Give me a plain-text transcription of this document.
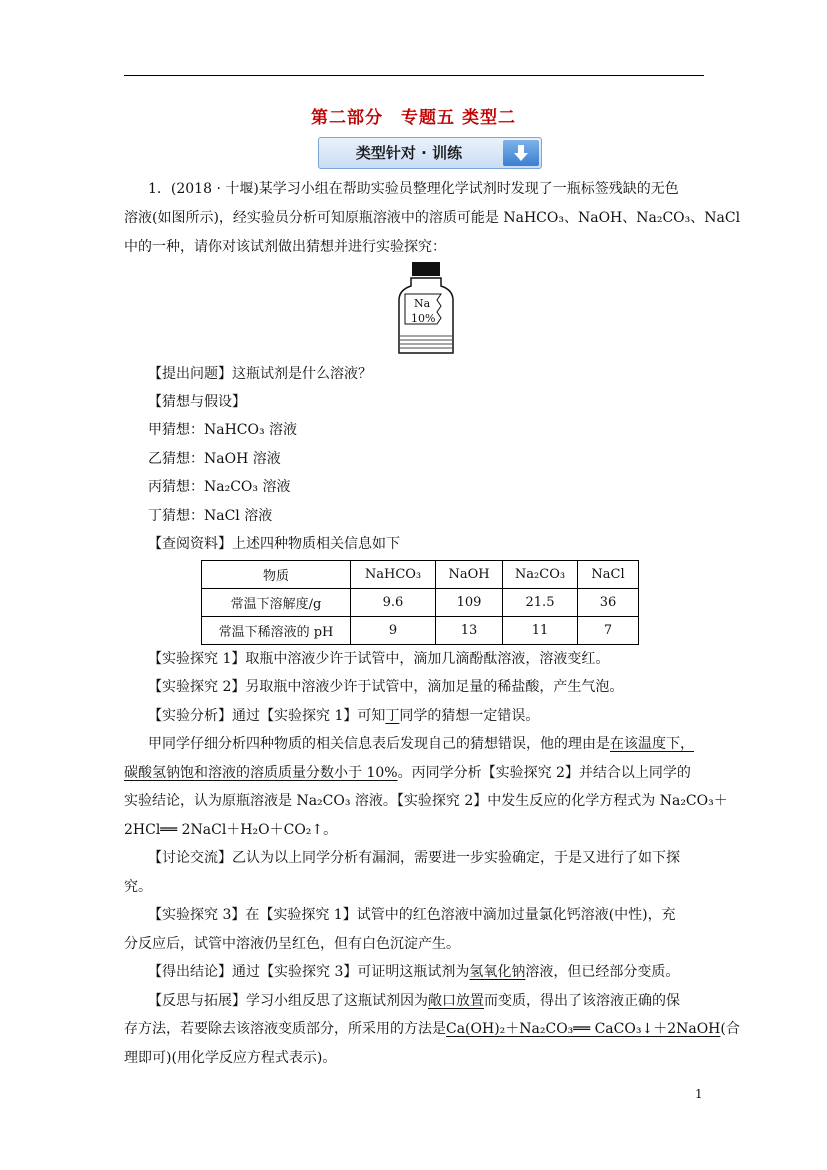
第二部分　专题五 类型二
类型针对 · 训练
1．(2018 · 十堰)某学习小组在帮助实验员整理化学试剂时发现了一瓶标签残缺的无色
溶液(如图所示)，经实验员分析可知原瓶溶液中的溶质可能是 NaHCO₃、NaOH、Na₂CO₃、NaCl
中的一种，请你对该试剂做出猜想并进行实验探究：
Na
10%
【提出问题】这瓶试剂是什么溶液？
【猜想与假设】
甲猜想：NaHCO₃ 溶液
乙猜想：NaOH 溶液
丙猜想：Na₂CO₃ 溶液
丁猜想：NaCl 溶液
【查阅资料】上述四种物质相关信息如下
物质	NaHCO₃	NaOH	Na₂CO₃	NaCl
常温下溶解度/g	9.6	109	21.5	36
常温下稀溶液的 pH	9	13	11	7
【实验探究 1】取瓶中溶液少许于试管中，滴加几滴酚酞溶液，溶液变红。
【实验探究 2】另取瓶中溶液少许于试管中，滴加足量的稀盐酸，产生气泡。
【实验分析】通过【实验探究 1】可知丁同学的猜想一定错误。
甲同学仔细分析四种物质的相关信息表后发现自己的猜想错误，他的理由是在该温度下，
碳酸氢钠饱和溶液的溶质质量分数小于 10%。丙同学分析【实验探究 2】并结合以上同学的
实验结论，认为原瓶溶液是 Na₂CO₃ 溶液。【实验探究 2】中发生反应的化学方程式为 Na₂CO₃＋
2HCl══ 2NaCl＋H₂O＋CO₂↑。
【讨论交流】乙认为以上同学分析有漏洞，需要进一步实验确定，于是又进行了如下探
究。
【实验探究 3】在【实验探究 1】试管中的红色溶液中滴加过量氯化钙溶液(中性)，充
分反应后，试管中溶液仍呈红色，但有白色沉淀产生。
【得出结论】通过【实验探究 3】可证明这瓶试剂为氢氧化钠溶液，但已经部分变质。
【反思与拓展】学习小组反思了这瓶试剂因为敞口放置而变质，得出了该溶液正确的保
存方法，若要除去该溶液变质部分，所采用的方法是Ca(OH)₂＋Na₂CO₃══ CaCO₃↓＋2NaOH(合
理即可)(用化学反应方程式表示)。
1
